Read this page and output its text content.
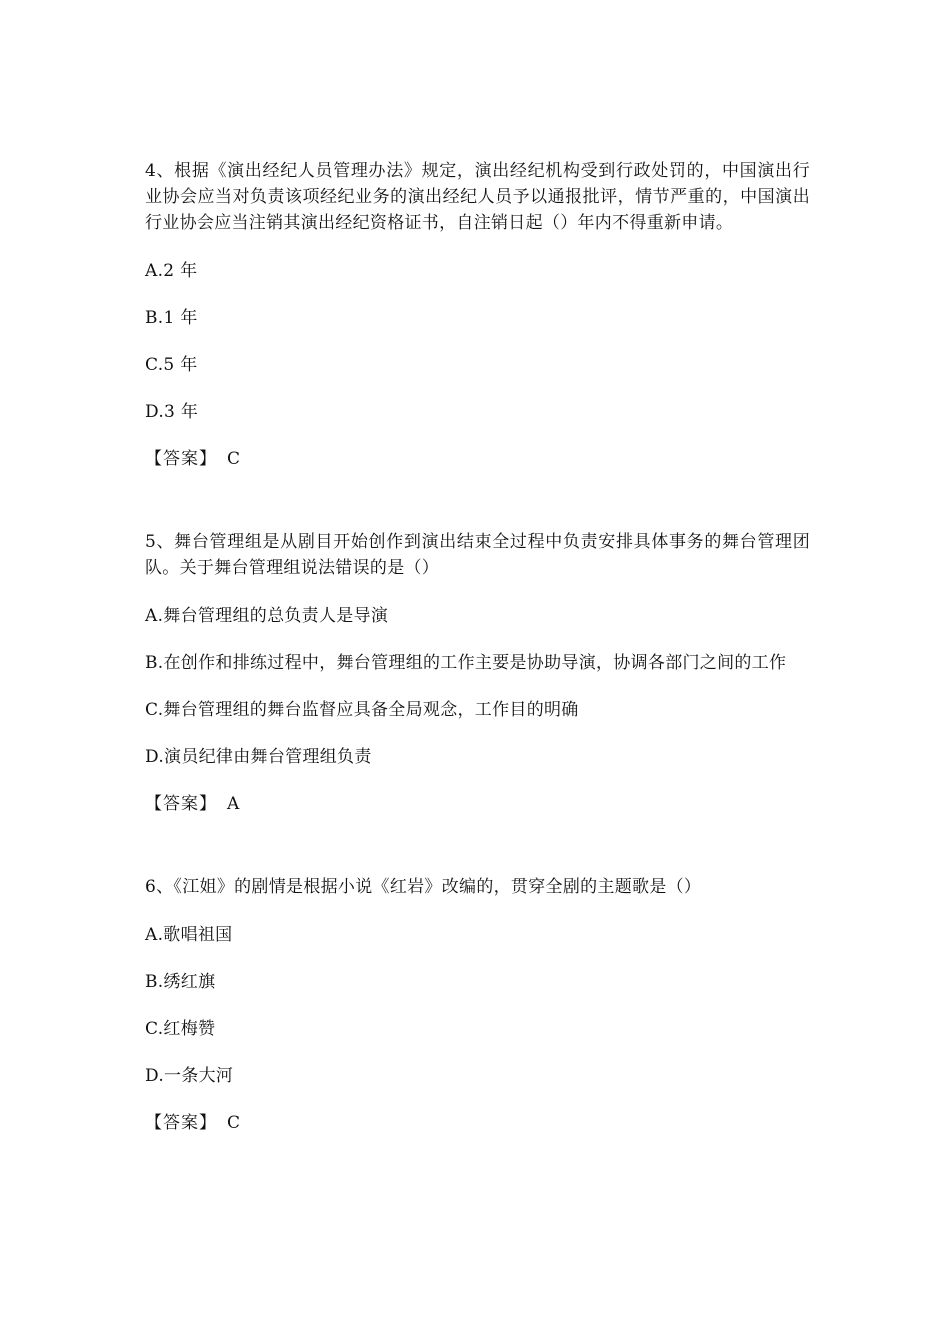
4、根据《演出经纪人员管理办法》规定，演出经纪机构受到行政处罚的，中国演出行业协会应当对负责该项经纪业务的演出经纪人员予以通报批评，情节严重的，中国演出行业协会应当注销其演出经纪资格证书，自注销日起（）年内不得重新申请。

A.2 年

B.1 年

C.5 年

D.3 年

【答案】 C

5、舞台管理组是从剧目开始创作到演出结束全过程中负责安排具体事务的舞台管理团队。关于舞台管理组说法错误的是（）

A.舞台管理组的总负责人是导演

B.在创作和排练过程中，舞台管理组的工作主要是协助导演，协调各部门之间的工作

C.舞台管理组的舞台监督应具备全局观念，工作目的明确

D.演员纪律由舞台管理组负责

【答案】 A

6、《江姐》的剧情是根据小说《红岩》改编的，贯穿全剧的主题歌是（）

A.歌唱祖国

B.绣红旗

C.红梅赞

D.一条大河

【答案】 C
